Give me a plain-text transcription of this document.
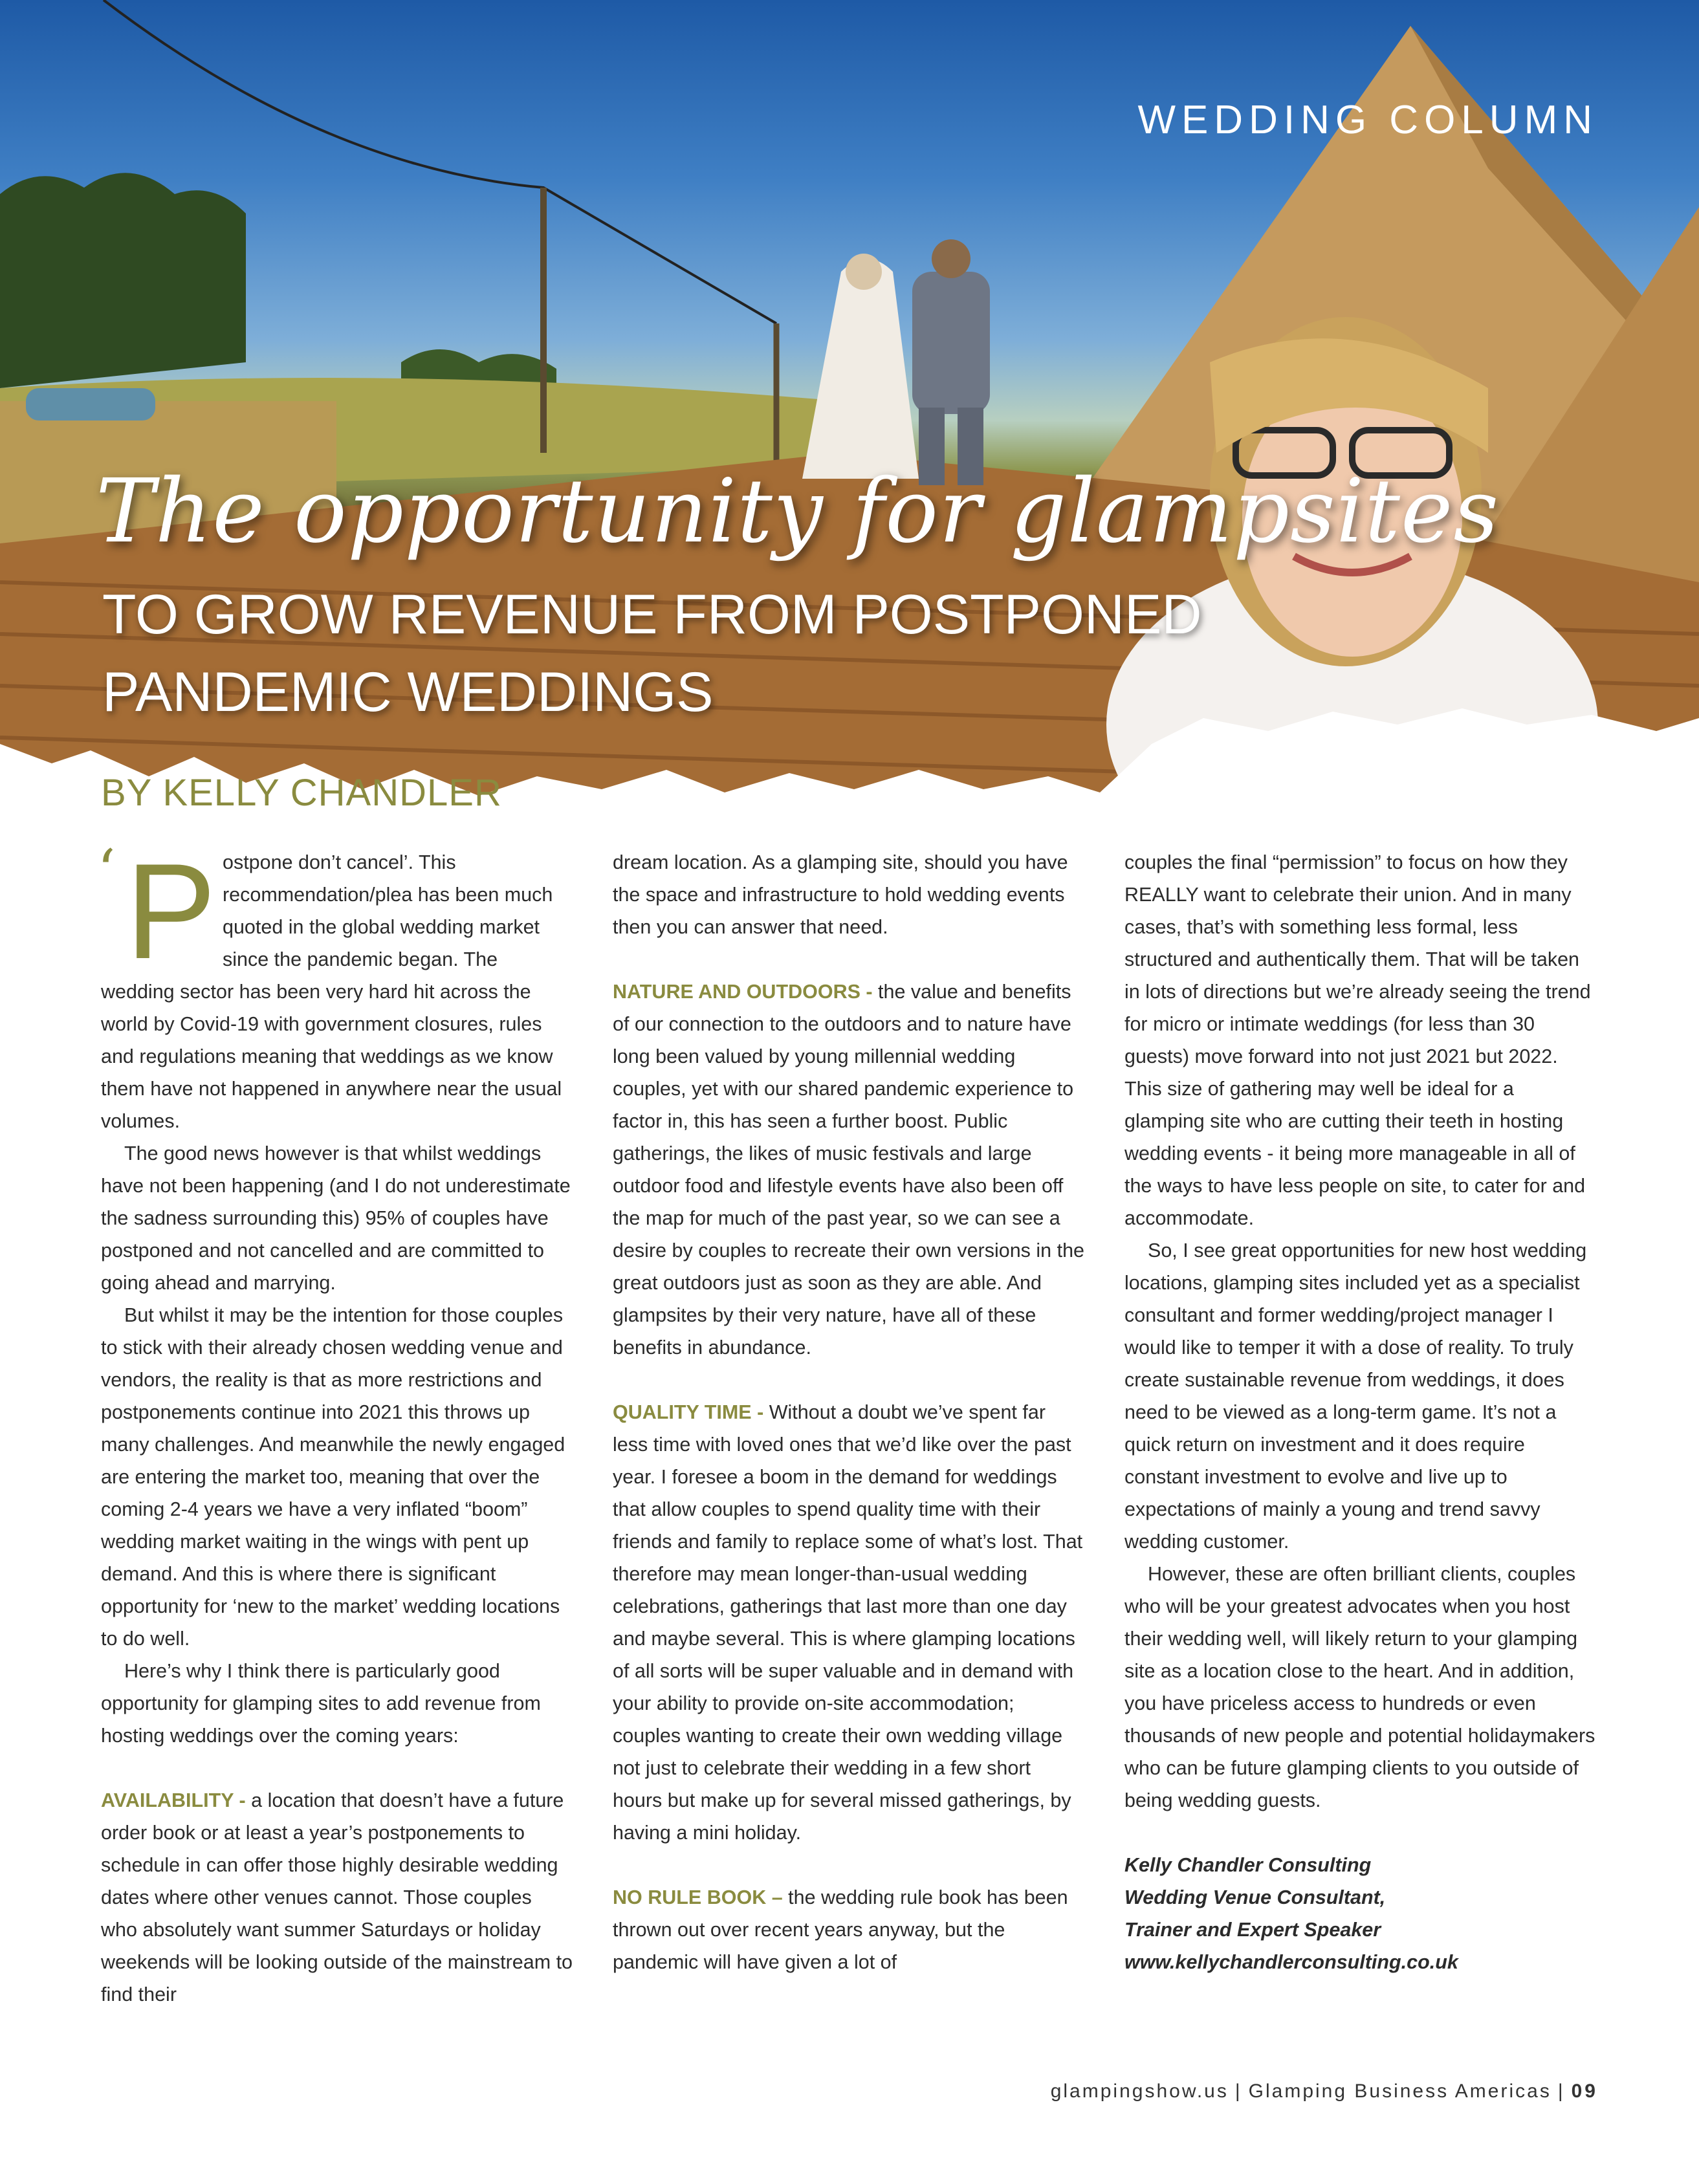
WEDDING COLUMN
The opportunity for glampsites
TO GROW REVENUE FROM POSTPONED
PANDEMIC WEDDINGS
BY KELLY CHANDLER
‘ P ostpone don’t cancel’. This recommendation/plea has been much quoted in the global wedding market since the pandemic began. The wedding sector has been very hard hit across the world by Covid-19 with government closures, rules and regulations meaning that weddings as we know them have not happened in anywhere near the usual volumes.

The good news however is that whilst weddings have not been happening (and I do not underestimate the sadness surrounding this) 95% of couples have postponed and not cancelled and are committed to going ahead and marrying.

But whilst it may be the intention for those couples to stick with their already chosen wedding venue and vendors, the reality is that as more restrictions and postponements continue into 2021 this throws up many challenges. And meanwhile the newly engaged are entering the market too, meaning that over the coming 2-4 years we have a very inflated “boom” wedding market waiting in the wings with pent up demand. And this is where there is significant opportunity for ‘new to the market’ wedding locations to do well.

Here’s why I think there is particularly good opportunity for glamping sites to add revenue from hosting weddings over the coming years:

AVAILABILITY - a location that doesn’t have a future order book or at least a year’s postponements to schedule in can offer those highly desirable wedding dates where other venues cannot. Those couples who absolutely want summer Saturdays or holiday weekends will be looking outside of the mainstream to find their

dream location. As a glamping site, should you have the space and infrastructure to hold wedding events then you can answer that need.

NATURE AND OUTDOORS - the value and benefits of our connection to the outdoors and to nature have long been valued by young millennial wedding couples, yet with our shared pandemic experience to factor in, this has seen a further boost. Public gatherings, the likes of music festivals and large outdoor food and lifestyle events have also been off the map for much of the past year, so we can see a desire by couples to recreate their own versions in the great outdoors just as soon as they are able. And glampsites by their very nature, have all of these benefits in abundance.

QUALITY TIME - Without a doubt we’ve spent far less time with loved ones that we’d like over the past year. I foresee a boom in the demand for weddings that allow couples to spend quality time with their friends and family to replace some of what’s lost. That therefore may mean longer-than-usual wedding celebrations, gatherings that last more than one day and maybe several. This is where glamping locations of all sorts will be super valuable and in demand with your ability to provide on-site accommodation; couples wanting to create their own wedding village not just to celebrate their wedding in a few short hours but make up for several missed gatherings, by having a mini holiday.

NO RULE BOOK – the wedding rule book has been thrown out over recent years anyway, but the pandemic will have given a lot of

couples the final “permission” to focus on how they REALLY want to celebrate their union. And in many cases, that’s with something less formal, less structured and authentically them. That will be taken in lots of directions but we’re already seeing the trend for micro or intimate weddings (for less than 30 guests) move forward into not just 2021 but 2022. This size of gathering may well be ideal for a glamping site who are cutting their teeth in hosting wedding events - it being more manageable in all of the ways to have less people on site, to cater for and accommodate.

So, I see great opportunities for new host wedding locations, glamping sites included yet as a specialist consultant and former wedding/project manager I would like to temper it with a dose of reality. To truly create sustainable revenue from weddings, it does need to be viewed as a long-term game. It’s not a quick return on investment and it does require constant investment to evolve and live up to expectations of mainly a young and trend savvy wedding customer.

However, these are often brilliant clients, couples who will be your greatest advocates when you host their wedding well, will likely return to your glamping site as a location close to the heart. And in addition, you have priceless access to hundreds or even thousands of new people and potential holidaymakers who can be future glamping clients to you outside of being wedding guests.

Kelly Chandler Consulting

Wedding Venue Consultant,

Trainer and Expert Speaker

www.kellychandlerconsulting.co.uk

glampingshow.us | Glamping Business Americas | 09
